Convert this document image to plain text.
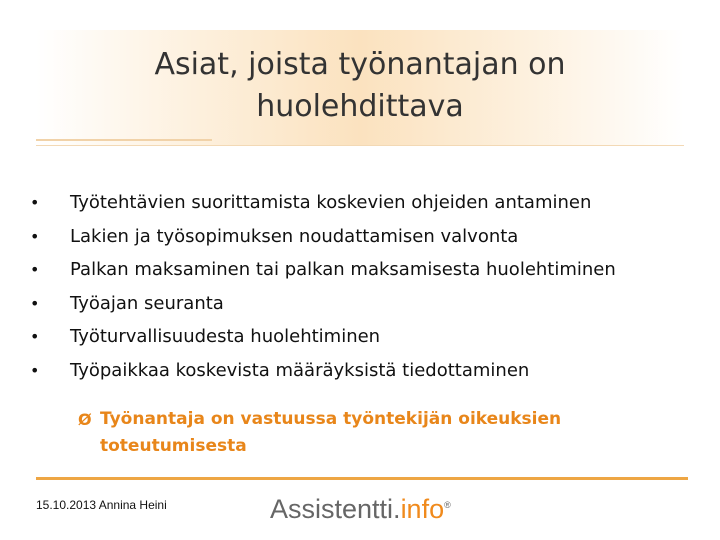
Asiat, joista työnantajan on
huolehdittava
• Työtehtävien suorittamista koskevien ohjeiden antaminen
• Lakien ja työsopimuksen noudattamisen valvonta
• Palkan maksaminen tai palkan maksamisesta huolehtiminen
• Työajan seuranta
• Työturvallisuudesta huolehtiminen
• Työpaikkaa koskevista määräyksistä tiedottaminen
Ø Työnantaja on vastuussa työntekijän oikeuksien
toteutumisesta
15.10.2013 Annina Heini	Assistentti.info®
